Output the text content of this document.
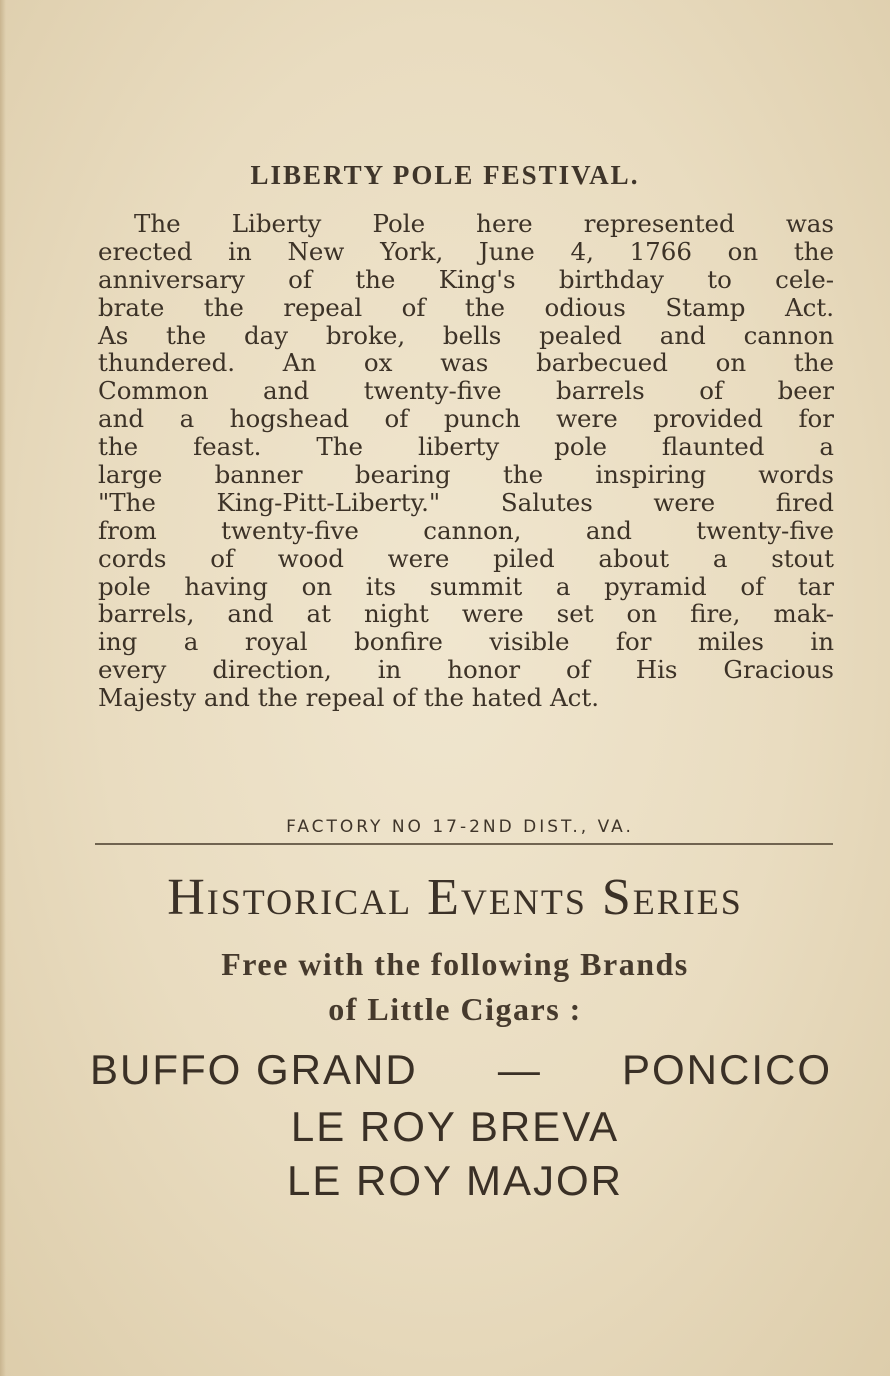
LIBERTY POLE FESTIVAL.
The Liberty Pole here represented was
erected in New York, June 4, 1766 on the
anniversary of the King's birthday to cele-
brate the repeal of the odious Stamp Act.
As the day broke, bells pealed and cannon
thundered. An ox was barbecued on the
Common and twenty-five barrels of beer
and a hogshead of punch were provided for
the feast. The liberty pole flaunted a
large banner bearing the inspiring words
"The King-Pitt-Liberty." Salutes were fired
from twenty-five cannon, and twenty-five
cords of wood were piled about a stout
pole having on its summit a pyramid of tar
barrels, and at night were set on fire, mak-
ing a royal bonfire visible for miles in
every direction, in honor of His Gracious
Majesty and the repeal of the hated Act.
FACTORY NO 17-2ND DIST., VA.
Historical Events Series
Free with the following Brands
of Little Cigars :
BUFFO GRAND — PONCICO
LE ROY BREVA
LE ROY MAJOR
